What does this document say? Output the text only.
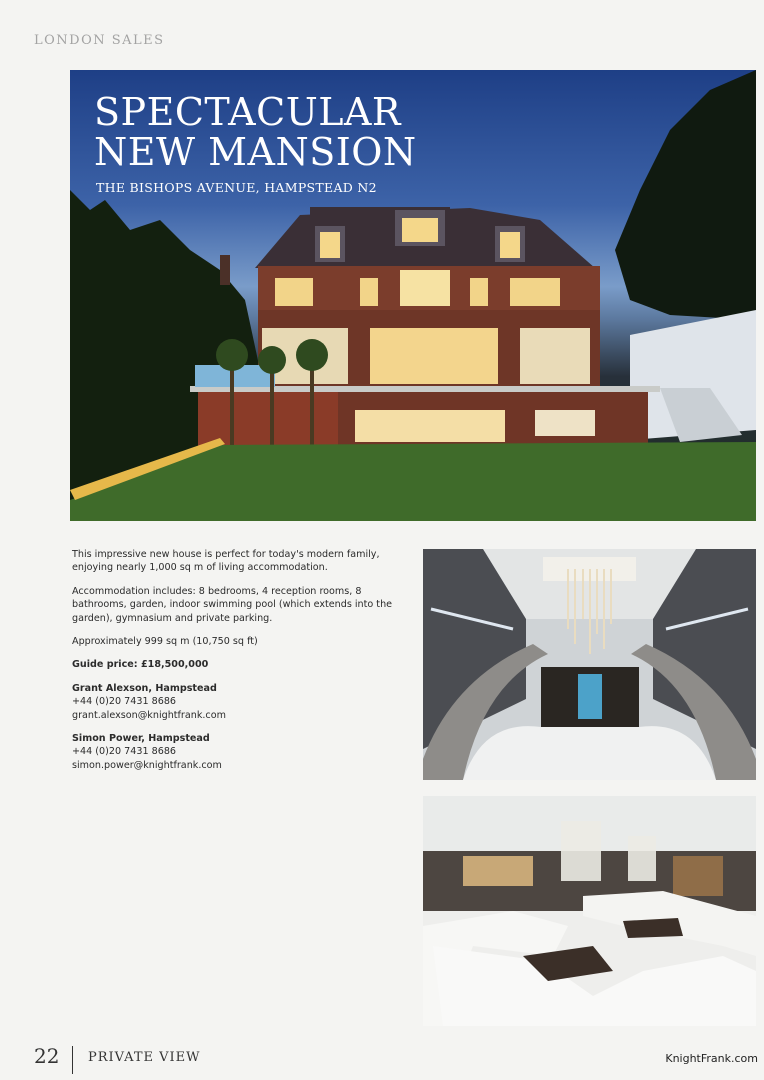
LONDON SALES
SPECTACULAR
NEW MANSION
THE BISHOPS AVENUE, HAMPSTEAD N2

This impressive new house is perfect for today's modern family, enjoying nearly 1,000 sq m of living accommodation.

Accommodation includes: 8 bedrooms, 4 reception rooms, 8 bathrooms, garden, indoor swimming pool (which extends into the garden), gymnasium and private parking.

Approximately 999 sq m (10,750 sq ft)

Guide price: £18,500,000

Grant Alexson, Hampstead
+44 (0)20 7431 8686
grant.alexson@knightfrank.com
Simon Power, Hampstead
+44 (0)20 7431 8686
simon.power@knightfrank.com
22 PRIVATE VIEW	KnightFrank.com
